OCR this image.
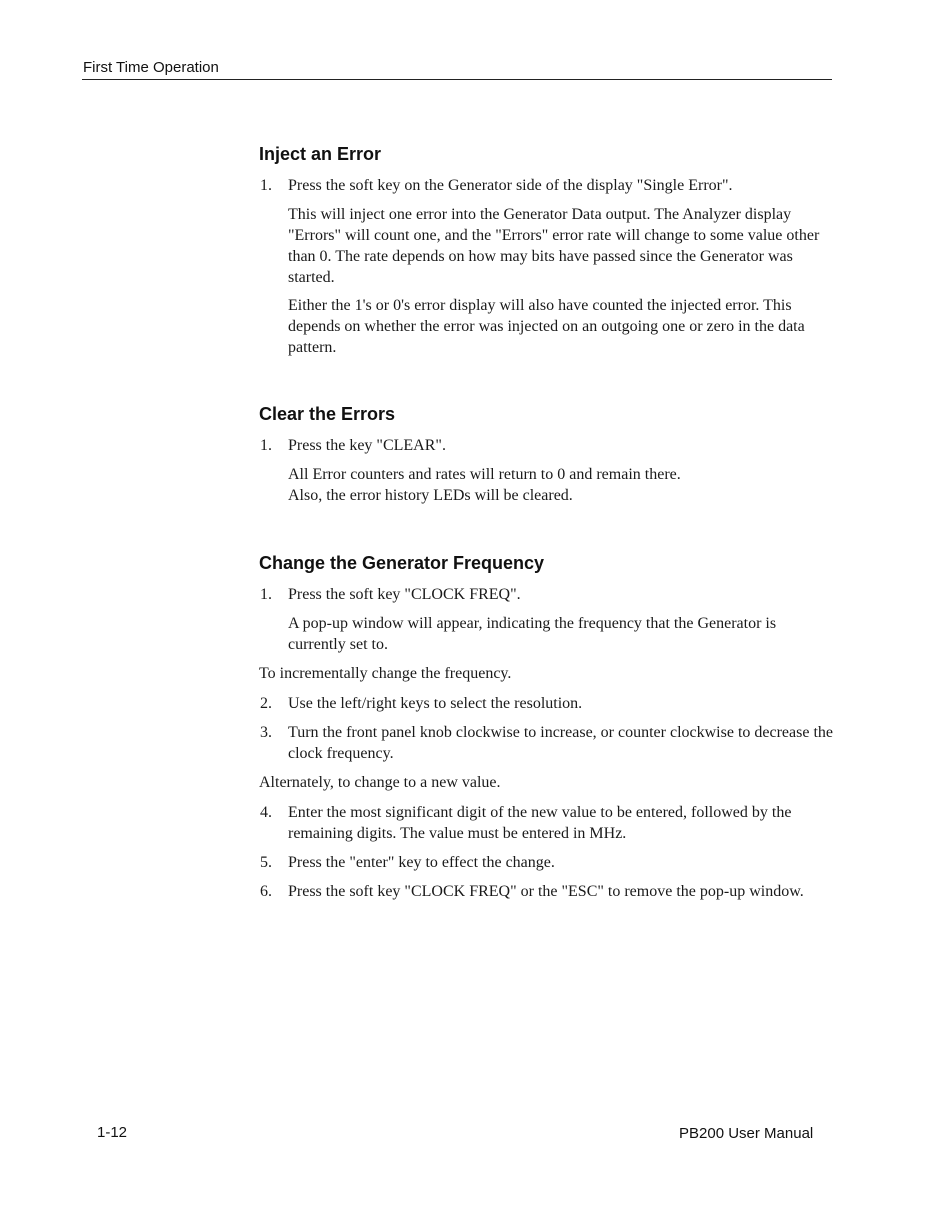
First Time Operation
Inject an Error
1. Press the soft key on the Generator side of the display "Single Error".
This will inject one error into the Generator Data output. The Analyzer display "Errors" will count one, and the "Errors" error rate will change to some value other than 0. The rate depends on how may bits have passed since the Generator was started.
Either the 1's or 0's error display will also have counted the injected error. This depends on whether the error was injected on an outgoing one or zero in the data pattern.
Clear the Errors
1. Press the key "CLEAR".
All Error counters and rates will return to 0 and remain there.
Also, the error history LEDs will be cleared.
Change the Generator Frequency
1. Press the soft key "CLOCK FREQ".
A pop-up window will appear, indicating the frequency that the Generator is currently set to.
To incrementally change the frequency.
2. Use the left/right keys to select the resolution.
3. Turn the front panel knob clockwise to increase, or counter clockwise to decrease the clock frequency.
Alternately, to change to a new value.
4. Enter the most significant digit of the new value to be entered, followed by the remaining digits. The value must be entered in MHz.
5. Press the "enter" key to effect the change.
6. Press the soft key "CLOCK FREQ" or the "ESC" to remove the pop-up window.
1-12	PB200 User Manual
